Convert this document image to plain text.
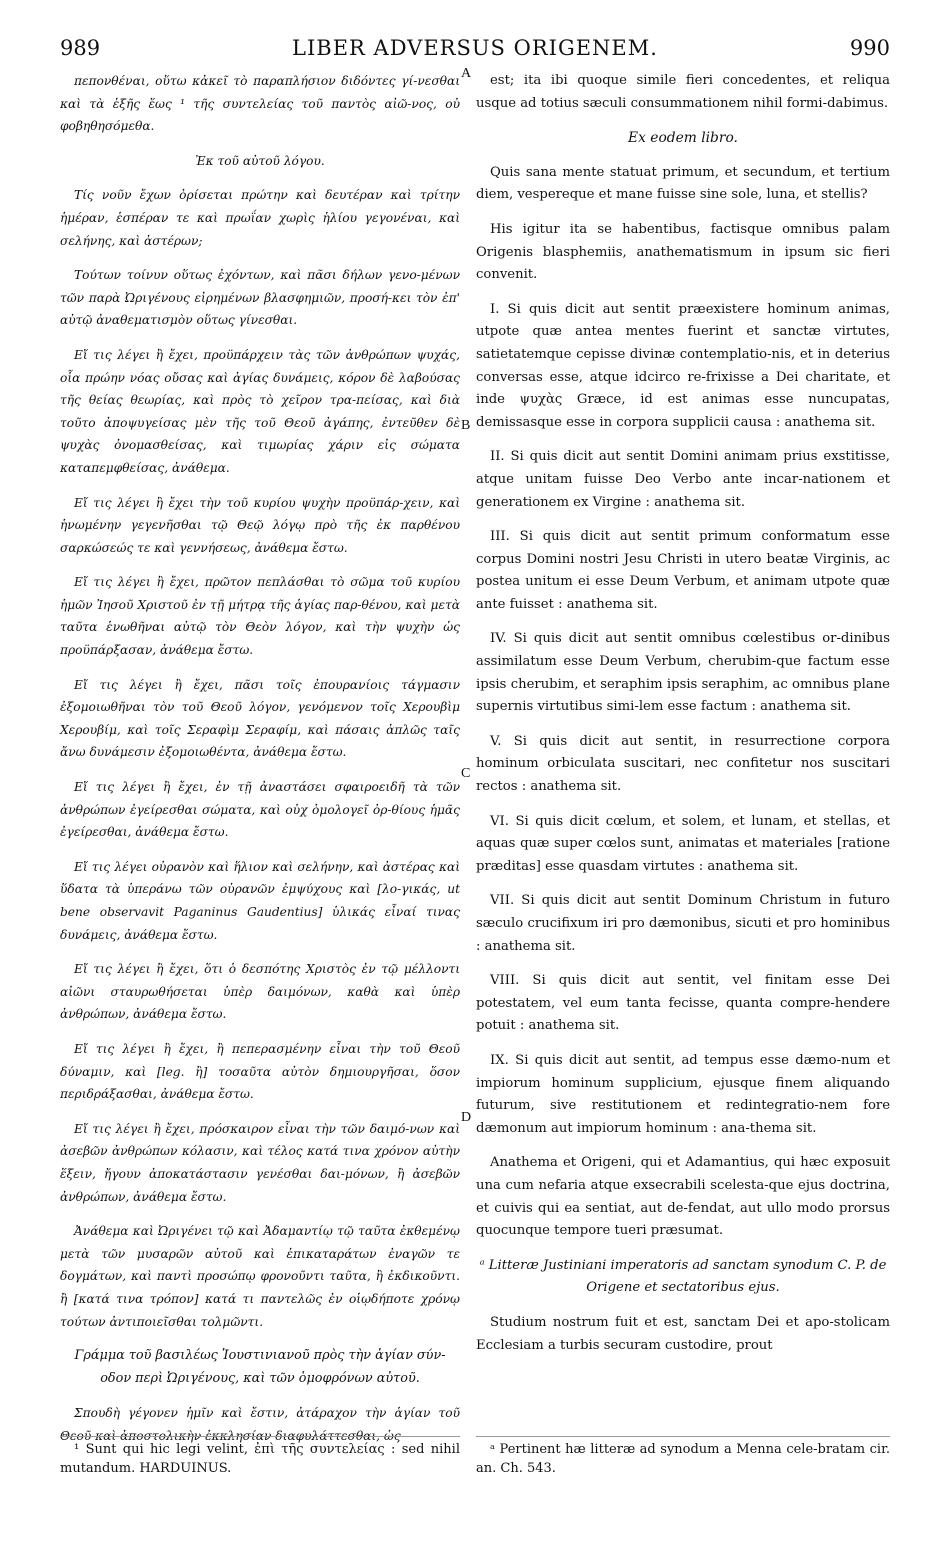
989	LIBER ADVERSUS ORIGENEM.	990
A
B
C
D

πεπονθέναι, οὕτω κἀκεῖ τὸ παραπλήσιον διδόντες γί-νεσθαι καὶ τὰ ἑξῆς ἕως ¹ τῆς συντελείας τοῦ παντὸς αἰῶ-νος, οὐ φοβηθησόμεθα.

Ἐκ τοῦ αὐτοῦ λόγου.

Τίς νοῦν ἔχων ὁρίσεται πρώτην καὶ δευτέραν καὶ τρίτην ἡμέραν, ἑσπέραν τε καὶ πρωΐαν χωρὶς ἡλίου γεγονέναι, καὶ σελήνης, καὶ ἀστέρων;

Τούτων τοίνυν οὕτως ἐχόντων, καὶ πᾶσι δήλων γενο-μένων τῶν παρὰ Ὠριγένους εἰρημένων βλασφημιῶν, προσή-κει τὸν ἐπ' αὐτῷ ἀναθεματισμὸν οὕτως γίνεσθαι.

Εἴ τις λέγει ἢ ἔχει, προϋπάρχειν τὰς τῶν ἀνθρώπων ψυχάς, οἷα πρώην νόας οὔσας καὶ ἁγίας δυνάμεις, κόρον δὲ λαβούσας τῆς θείας θεωρίας, καὶ πρὸς τὸ χεῖρον τρα-πείσας, καὶ διὰ τοῦτο ἀποψυγείσας μὲν τῆς τοῦ Θεοῦ ἀγάπης, ἐντεῦθεν δὲ ψυχὰς ὀνομασθείσας, καὶ τιμωρίας χάριν εἰς σώματα καταπεμφθείσας, ἀνάθεμα.

Εἴ τις λέγει ἢ ἔχει τὴν τοῦ κυρίου ψυχὴν προϋπάρ-χειν, καὶ ἡνωμένην γεγενῆσθαι τῷ Θεῷ λόγῳ πρὸ τῆς ἐκ παρθένου σαρκώσεώς τε καὶ γεννήσεως, ἀνάθεμα ἔστω.

Εἴ τις λέγει ἢ ἔχει, πρῶτον πεπλάσθαι τὸ σῶμα τοῦ κυρίου ἡμῶν Ἰησοῦ Χριστοῦ ἐν τῇ μήτρᾳ τῆς ἁγίας παρ-θένου, καὶ μετὰ ταῦτα ἑνωθῆναι αὐτῷ τὸν Θεὸν λόγον, καὶ τὴν ψυχὴν ὡς προϋπάρξασαν, ἀνάθεμα ἔστω.

Εἴ τις λέγει ἢ ἔχει, πᾶσι τοῖς ἐπουρανίοις τάγμασιν ἐξομοιωθῆναι τὸν τοῦ Θεοῦ λόγον, γενόμενον τοῖς Χερουβὶμ Χερουβίμ, καὶ τοῖς Σεραφὶμ Σεραφίμ, καὶ πάσαις ἁπλῶς ταῖς ἄνω δυνάμεσιν ἐξομοιωθέντα, ἀνάθεμα ἔστω.

Εἴ τις λέγει ἢ ἔχει, ἐν τῇ ἀναστάσει σφαιροειδῆ τὰ τῶν ἀνθρώπων ἐγείρεσθαι σώματα, καὶ οὐχ ὁμολογεῖ ὀρ-θίους ἡμᾶς ἐγείρεσθαι, ἀνάθεμα ἔστω.

Εἴ τις λέγει οὐρανὸν καὶ ἥλιον καὶ σελήνην, καὶ ἀστέρας καὶ ὕδατα τὰ ὑπεράνω τῶν οὐρανῶν ἐμψύχους καὶ [λο-γικάς, ut bene observavit Paganinus Gaudentius] ὑλικάς εἶναί τινας δυνάμεις, ἀνάθεμα ἔστω.

Εἴ τις λέγει ἢ ἔχει, ὅτι ὁ δεσπότης Χριστὸς ἐν τῷ μέλλοντι αἰῶνι σταυρωθήσεται ὑπὲρ δαιμόνων, καθὰ καὶ ὑπὲρ ἀνθρώπων, ἀνάθεμα ἔστω.

Εἴ τις λέγει ἢ ἔχει, ἢ πεπερασμένην εἶναι τὴν τοῦ Θεοῦ δύναμιν, καὶ [leg. ἢ] τοσαῦτα αὐτὸν δημιουργῆσαι, ὅσον περιδράξασθαι, ἀνάθεμα ἔστω.

Εἴ τις λέγει ἢ ἔχει, πρόσκαιρον εἶναι τὴν τῶν δαιμό-νων καὶ ἀσεβῶν ἀνθρώπων κόλασιν, καὶ τέλος κατά τινα χρόνον αὐτὴν ἕξειν, ἤγουν ἀποκατάστασιν γενέσθαι δαι-μόνων, ἢ ἀσεβῶν ἀνθρώπων, ἀνάθεμα ἔστω.

Ἀνάθεμα καὶ Ὠριγένει τῷ καὶ Ἀδαμαντίῳ τῷ ταῦτα ἐκθεμένῳ μετὰ τῶν μυσαρῶν αὐτοῦ καὶ ἐπικαταράτων ἐναγῶν τε δογμάτων, καὶ παντὶ προσώπῳ φρονοῦντι ταῦτα, ἢ ἐκδικοῦντι. ἢ [κατά τινα τρόπον] κατά τι παντελῶς ἐν οἱῳδήποτε χρόνῳ τούτων ἀντιποιεῖσθαι τολμῶντι.

Γράμμα τοῦ βασιλέως Ἰουστινιανοῦ πρὸς τὴν ἁγίαν σύν-οδον περὶ Ὠριγένους, καὶ τῶν ὁμοφρόνων αὐτοῦ.

Σπουδὴ γέγονεν ἡμῖν καὶ ἔστιν, ἀτάραχον τὴν ἁγίαν τοῦ Θεοῦ καὶ ἀποστολικὴν ἐκκλησίαν διαφυλάττεσθαι, ὡς

est; ita ibi quoque simile fieri concedentes, et reliqua usque ad totius sæculi consummationem nihil formi-dabimus.

Ex eodem libro.

Quis sana mente statuat primum, et secundum, et tertium diem, vespereque et mane fuisse sine sole, luna, et stellis?

His igitur ita se habentibus, factisque omnibus palam Origenis blasphemiis, anathematismum in ipsum sic fieri convenit.

I. Si quis dicit aut sentit præexistere hominum animas, utpote quæ antea mentes fuerint et sanctæ virtutes, satietatemque cepisse divinæ contemplatio-nis, et in deterius conversas esse, atque idcirco re-frixisse a Dei charitate, et inde ψυχὰς Græce, id est animas esse nuncupatas, demissasque esse in corpora supplicii causa : anathema sit.

II. Si quis dicit aut sentit Domini animam prius exstitisse, atque unitam fuisse Deo Verbo ante incar-nationem et generationem ex Virgine : anathema sit.

III. Si quis dicit aut sentit primum conformatum esse corpus Domini nostri Jesu Christi in utero beatæ Virginis, ac postea unitum ei esse Deum Verbum, et animam utpote quæ ante fuisset : anathema sit.

IV. Si quis dicit aut sentit omnibus cœlestibus or-dinibus assimilatum esse Deum Verbum, cherubim-que factum esse ipsis cherubim, et seraphim ipsis seraphim, ac omnibus plane supernis virtutibus simi-lem esse factum : anathema sit.

V. Si quis dicit aut sentit, in resurrectione corpora hominum orbiculata suscitari, nec confitetur nos suscitari rectos : anathema sit.

VI. Si quis dicit cœlum, et solem, et lunam, et stellas, et aquas quæ super cœlos sunt, animatas et materiales [ratione præditas] esse quasdam virtutes : anathema sit.

VII. Si quis dicit aut sentit Dominum Christum in futuro sæculo crucifixum iri pro dæmonibus, sicuti et pro hominibus : anathema sit.

VIII. Si quis dicit aut sentit, vel finitam esse Dei potestatem, vel eum tanta fecisse, quanta compre-hendere potuit : anathema sit.

IX. Si quis dicit aut sentit, ad tempus esse dæmo-num et impiorum hominum supplicium, ejusque finem aliquando futurum, sive restitutionem et redintegratio-nem fore dæmonum aut impiorum hominum : ana-thema sit.

Anathema et Origeni, qui et Adamantius, qui hæc exposuit una cum nefaria atque exsecrabili scelesta-que ejus doctrina, et cuivis qui ea sentiat, aut de-fendat, aut ullo modo prorsus quocunque tempore tueri præsumat.

ᵃ Litteræ Justiniani imperatoris ad sanctam synodum C. P. de Origene et sectatoribus ejus.

Studium nostrum fuit et est, sanctam Dei et apo-stolicam Ecclesiam a turbis securam custodire, prout

¹ Sunt qui hic legi velint, ἐπὶ τῆς συντελείας : sed nihil mutandum. HARDUINUS.
ᵃ Pertinent hæ litteræ ad synodum a Menna cele-bratam cir. an. Ch. 543.
